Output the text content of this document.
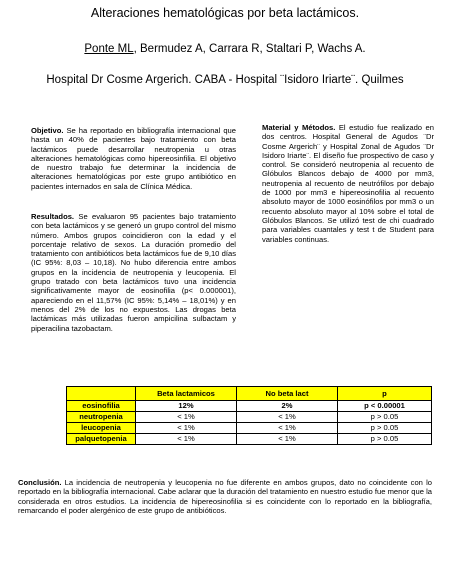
Alteraciones hematológicas por beta lactámicos.
Ponte ML, Bermudez A, Carrara R, Staltari P, Wachs A.
Hospital Dr Cosme Argerich. CABA - Hospital ¨Isidoro Iriarte¨. Quilmes
Objetivo. Se ha reportado en bibliografía internacional que hasta un 40% de pacientes bajo tratamiento con beta lactámicos puede desarrollar neutropenia u otras alteraciones hematológicas como hipereosinfilia. El objetivo de nuestro trabajo fue determinar la incidencia de alteraciones hematológicas por este grupo antibiótico en pacientes internados en sala de Clínica Médica.
Resultados. Se evaluaron 95 pacientes bajo tratamiento con beta lactámicos y se generó un grupo control del mismo número. Ambos grupos coincidieron con la edad y el porcentaje relativo de sexos. La duración promedio del tratamiento con antibióticos beta lactámicos fue de 9,10 días (IC 95%: 8,03 – 10,18). No hubo diferencia entre ambos grupos en la incidencia de neutropenia y leucopenia. El grupo tratado con beta lactámicos tuvo una incidencia significativamente mayor de eosinofilia (p< 0.000001), apareciendo en el 11,57% (IC 95%: 5,14% – 18,01%) y en menos del 2% de los no expuestos. Las drogas beta lactámicas más utilizadas fueron ampicilina sulbactam y piperacilina tazobactam.
Material y Métodos. El estudio fue realizado en dos centros. Hospital General de Agudos ¨Dr Cosme Argerich¨ y Hospital Zonal de Agudos ¨Dr Isidoro Iriarte¨. El diseño fue prospectivo de caso y control. Se consideró neutropenia al recuento de Glóbulos Blancos debajo de 4000 por mm3, neutropenia al recuento de neutrófilos por debajo de 1000 por mm3 e hipereosinofilia al recuento absoluto mayor de 1000 eosinófilos por mm3 o un recuento absoluto mayor al 10% sobre el total de Glóbulos Blancos. Se utilizó test de chi cuadrado para variables cuantales y test t de Student para variables continuas.
	Beta lactamicos	No beta lact	p
eosinofilia	12%	2%	p < 0.00001
neutropenia	< 1%	< 1%	p > 0.05
leucopenia	< 1%	< 1%	p > 0.05
palquetopenia	< 1%	< 1%	p > 0.05
Conclusión. La incidencia de neutropenia y leucopenia no fue diferente en ambos grupos, dato no coincidente con lo reportado en la bibliografía internacional. Cabe aclarar que la duración del tratamiento en nuestro estudio fue menor que la considerada en otros estudios. La incidencia de hipereosinofilia si es coincidente con lo reportado en la bibliografía, remarcando el poder alergénico de este grupo de antibióticos.
